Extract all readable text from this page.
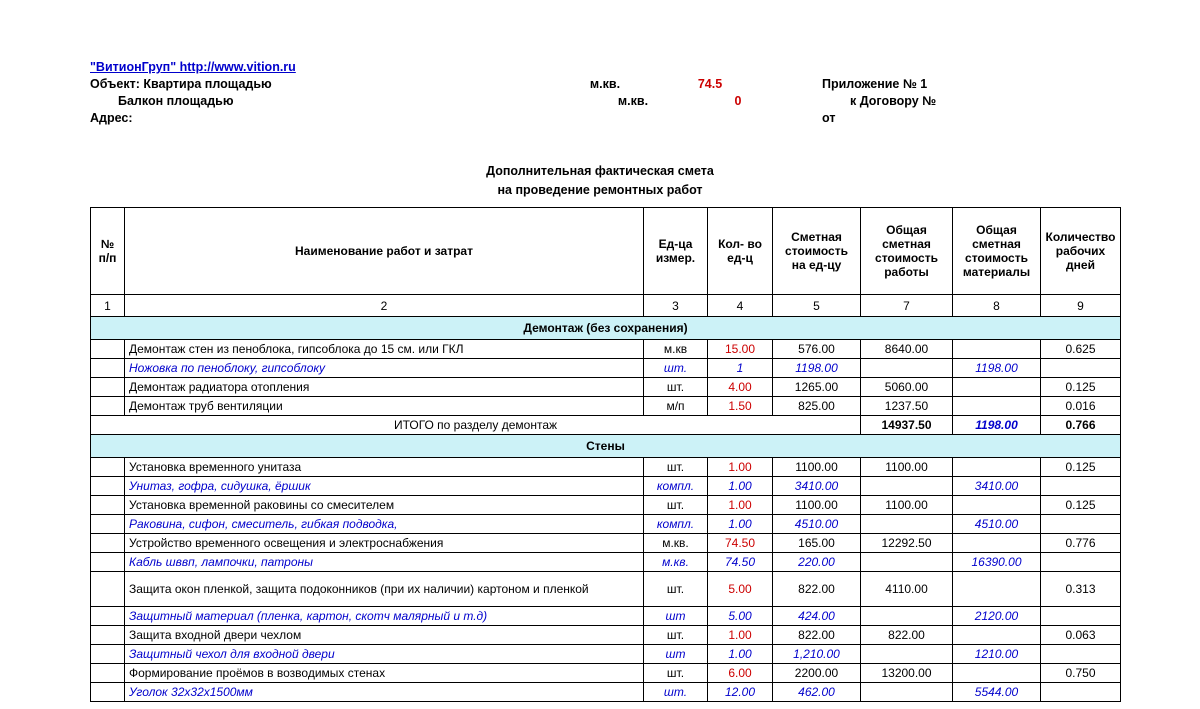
"ВитионГруп" http://www.vition.ru
Объект: Квартира площадью	м.кв.	74.5	Приложение № 1
Балкон площадью	м.кв.	0	к Договору №
Адрес:	от
Дополнительная фактическая смета
на проведение ремонтных работ
№ п/п	Наименование работ и затрат	Ед-ца измер.	Кол- во ед-ц	Сметная стоимость на ед-цу	Общая сметная стоимость работы	Общая сметная стоимость материалы	Количество рабочих дней
1	2	3	4	5	7	8	9
Демонтаж (без сохранения)							
	Демонтаж стен из пеноблока, гипсоблока до 15 см. или ГКЛ	м.кв	15.00	576.00	8640.00		0.625
	Ножовка по пеноблоку, гипсоблоку	шт.	1	1198.00		1198.00	
	Демонтаж радиатора отопления	шт.	4.00	1265.00	5060.00		0.125
	Демонтаж труб вентиляции	м/п	1.50	825.00	1237.50		0.016
ИТОГО по разделу демонтаж					14937.50	1198.00	0.766
Стены							
	Установка временного унитаза	шт.	1.00	1100.00	1100.00		0.125
	Унитаз, гофра, сидушка, ёршик	компл.	1.00	3410.00		3410.00	
	Установка временной раковины со смесителем	шт.	1.00	1100.00	1100.00		0.125
	Раковина, сифон, смеситель, гибкая подводка,	компл.	1.00	4510.00		4510.00	
	Устройство временного освещения и электроснабжения	м.кв.	74.50	165.00	12292.50		0.776
	Кабль шввп, лампочки, патроны	м.кв.	74.50	220.00		16390.00	
	Защита окон пленкой, защита подоконников (при их наличии) картоном и пленкой	шт.	5.00	822.00	4110.00		0.313
	Защитный материал (пленка, картон, скотч малярный и т.д)	шт	5.00	424.00		2120.00	
	Защита входной двери чехлом	шт.	1.00	822.00	822.00		0.063
	Защитный чехол для входной двери	шт	1.00	1,210.00		1210.00	
	Формирование проёмов в возводимых стенах	шт.	6.00	2200.00	13200.00		0.750
	Уголок 32х32х1500мм	шт.	12.00	462.00		5544.00	
